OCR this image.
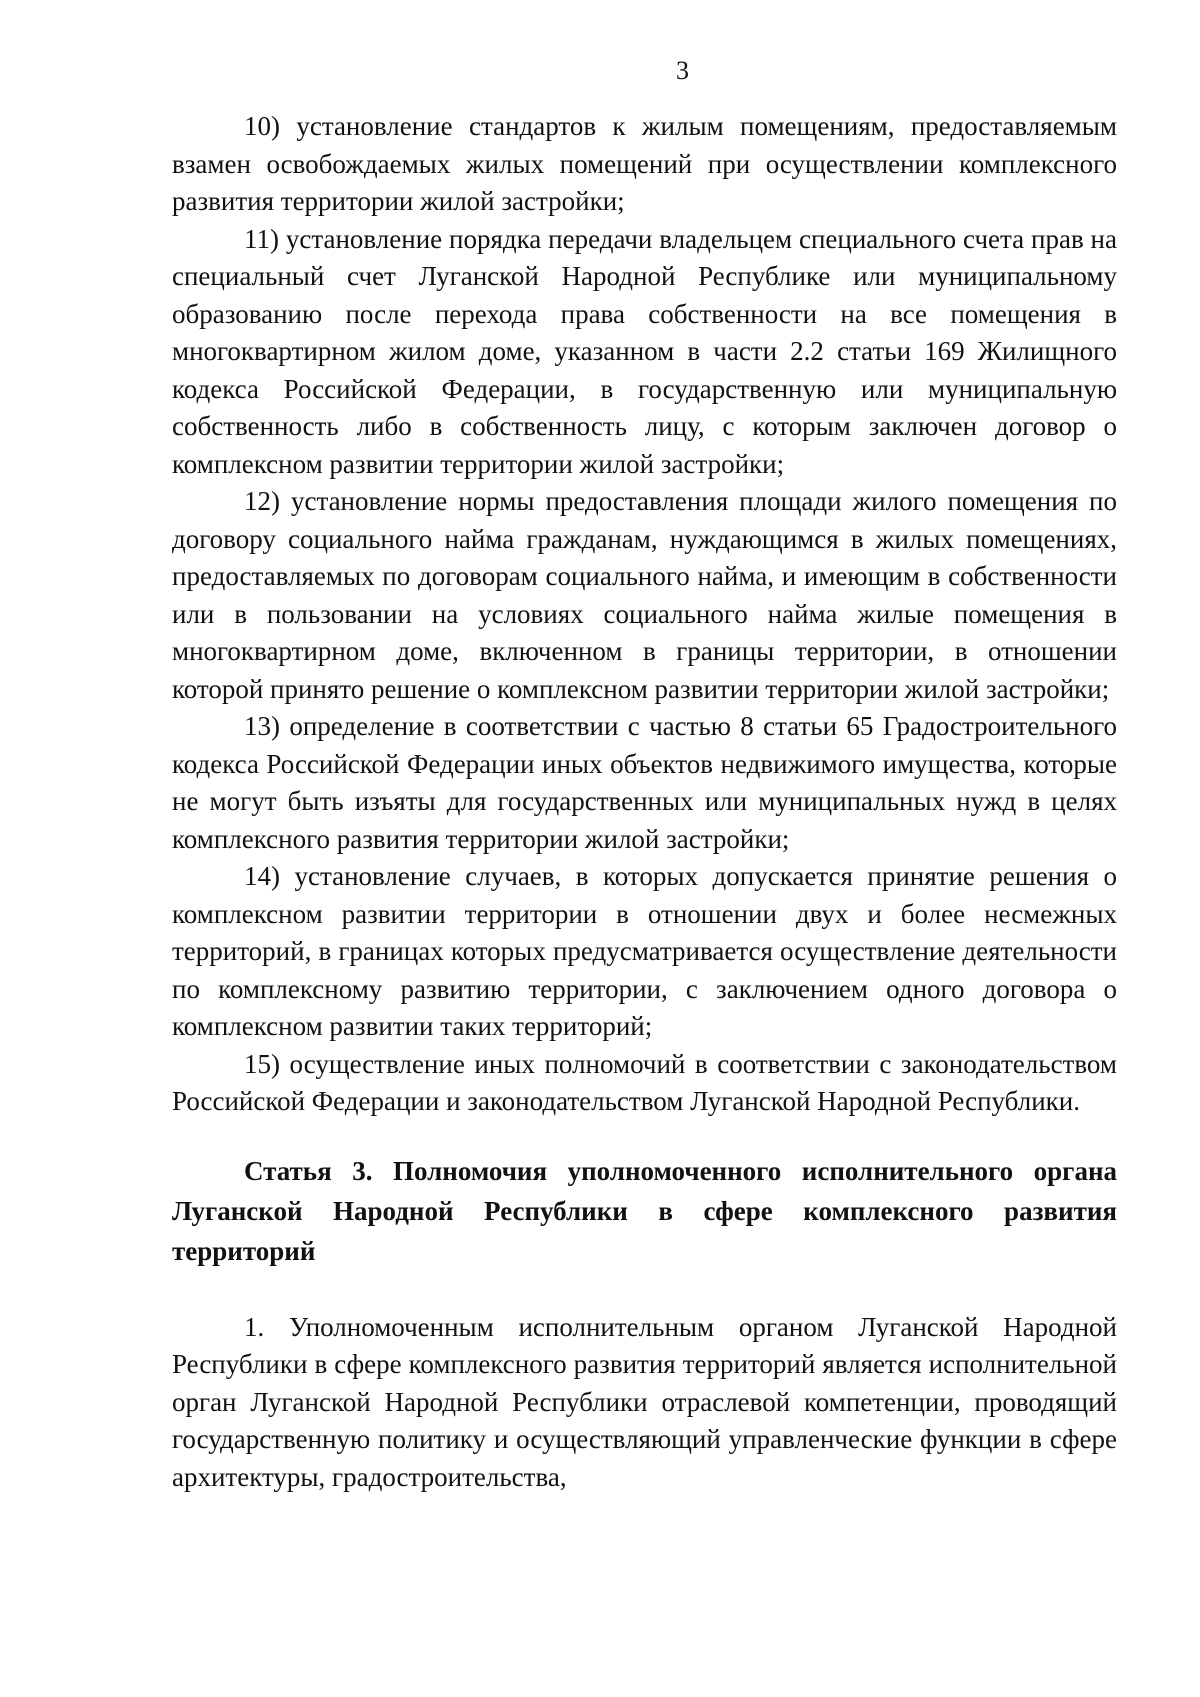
3

10) установление стандартов к жилым помещениям, предоставляемым взамен освобождаемых жилых помещений при осуществлении комплексного развития территории жилой застройки;

11) установление порядка передачи владельцем специального счета прав на специальный счет Луганской Народной Республике или муниципальному образованию после перехода права собственности на все помещения в многоквартирном жилом доме, указанном в части 2.2 статьи 169 Жилищного кодекса Российской Федерации, в государственную или муниципальную собственность либо в собственность лицу, с которым заключен договор о комплексном развитии территории жилой застройки;

12) установление нормы предоставления площади жилого помещения по договору социального найма гражданам, нуждающимся в жилых помещениях, предоставляемых по договорам социального найма, и имеющим в собственности или в пользовании на условиях социального найма жилые помещения в многоквартирном доме, включенном в границы территории, в отношении которой принято решение о комплексном развитии территории жилой застройки;

13) определение в соответствии с частью 8 статьи 65 Градостроительного кодекса Российской Федерации иных объектов недвижимого имущества, которые не могут быть изъяты для государственных или муниципальных нужд в целях комплексного развития территории жилой застройки;

14) установление случаев, в которых допускается принятие решения о комплексном развитии территории в отношении двух и более несмежных территорий, в границах которых предусматривается осуществление деятельности по комплексному развитию территории, с заключением одного договора о комплексном развитии таких территорий;

15) осуществление иных полномочий в соответствии с законодательством Российской Федерации и законодательством Луганской Народной Республики.

Статья 3. Полномочия уполномоченного исполнительного органа Луганской Народной Республики в сфере комплексного развития территорий

1. Уполномоченным исполнительным органом Луганской Народной Республики в сфере комплексного развития территорий является исполнительной орган Луганской Народной Республики отраслевой компетенции, проводящий государственную политику и осуществляющий управленческие функции в сфере архитектуры, градостроительства,
